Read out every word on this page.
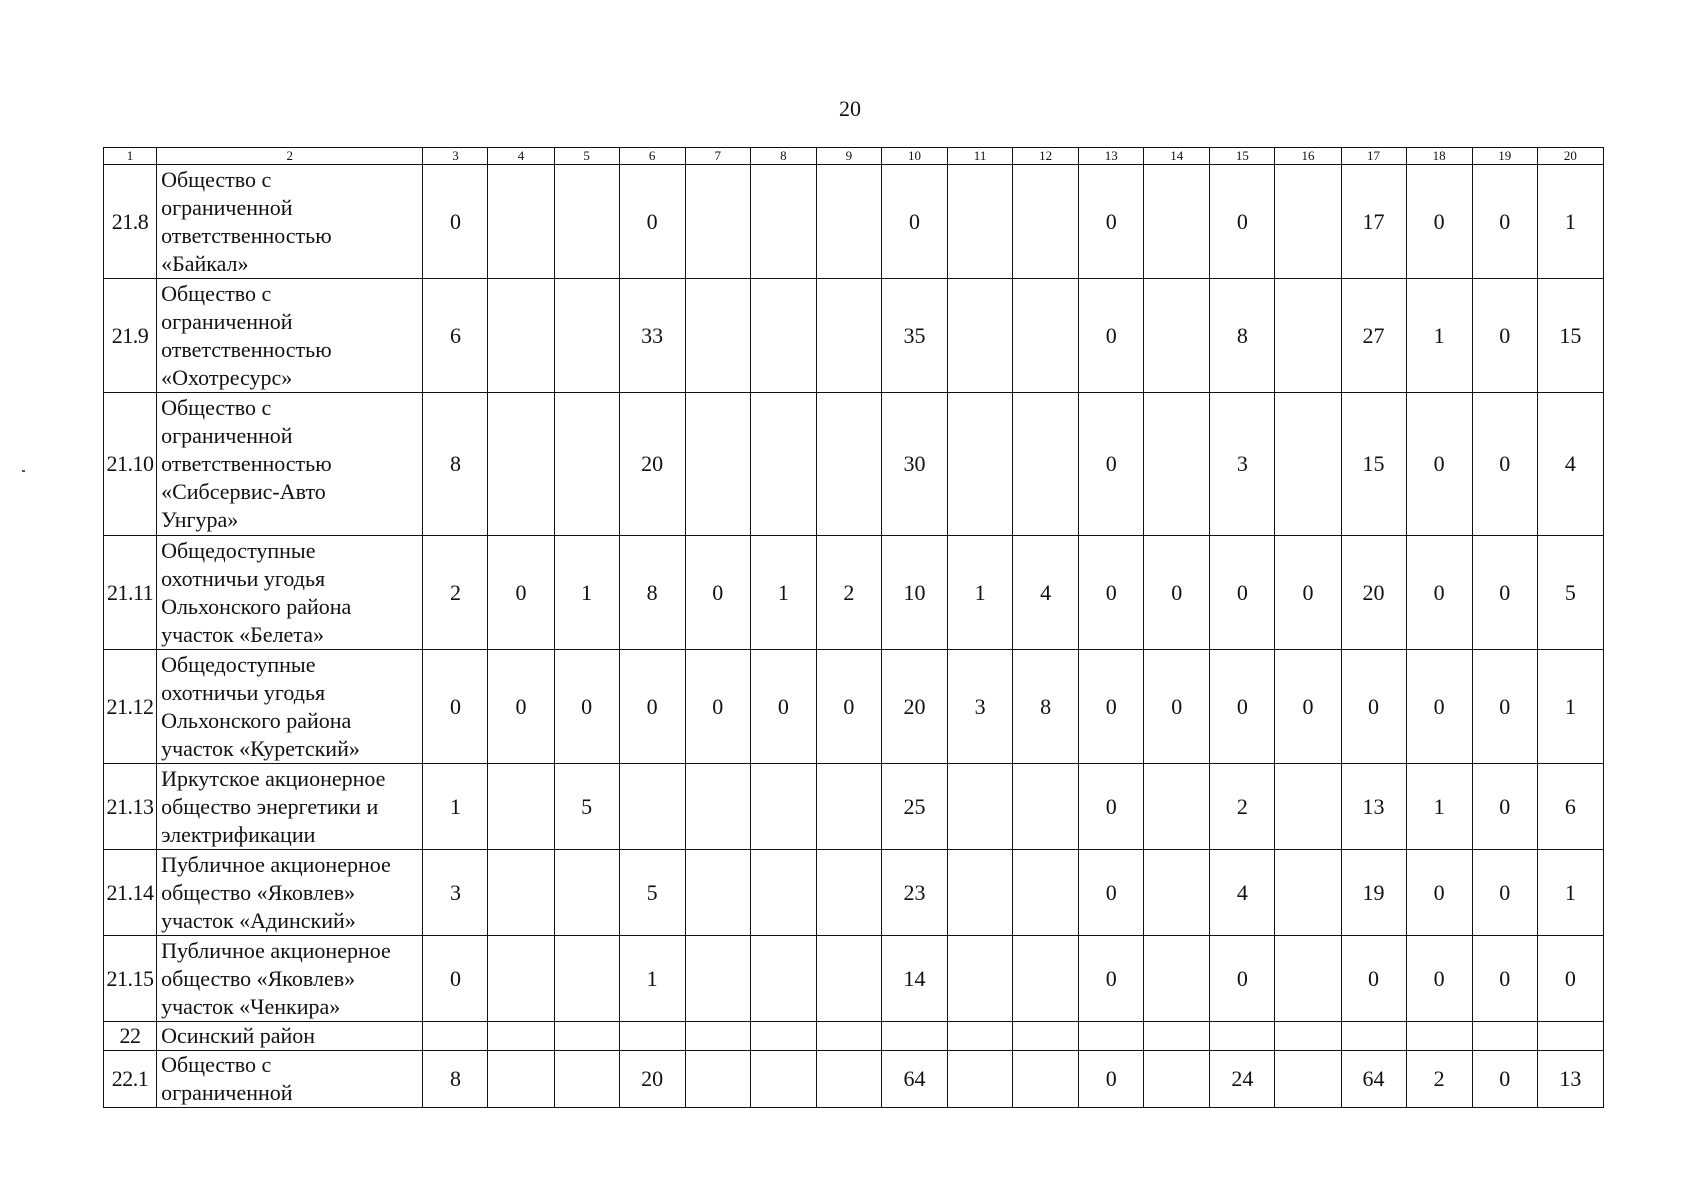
20
1	2	3	4	5	6	7	8	9	10	11	12	13	14	15	16	17	18	19	20
21.8	Общество с
ограниченной
ответственностью
«Байкал»	0			0				0			0		0		17	0	0	1
21.9	Общество с
ограниченной
ответственностью
«Охотресурс»	6			33				35			0		8		27	1	0	15
21.10	Общество с
ограниченной
ответственностью
«Сибсервис-Авто
Унгура»	8			20				30			0		3		15	0	0	4
21.11	Общедоступные
охотничьи угодья
Ольхонского района
участок «Белета»	2	0	1	8	0	1	2	10	1	4	0	0	0	0	20	0	0	5
21.12	Общедоступные
охотничьи угодья
Ольхонского района
участок «Куретский»	0	0	0	0	0	0	0	20	3	8	0	0	0	0	0	0	0	1
21.13	Иркутское акционерное
общество энергетики и
электрификации	1		5					25			0		2		13	1	0	6
21.14	Публичное акционерное
общество «Яковлев»
участок «Адинский»	3			5				23			0		4		19	0	0	1
21.15	Публичное акционерное
общество «Яковлев»
участок «Ченкира»	0			1				14			0		0		0	0	0	0
22	Осинский район																		

22.1	Общество с
ограниченной	8			20				64			0		24		64	2	0	13
